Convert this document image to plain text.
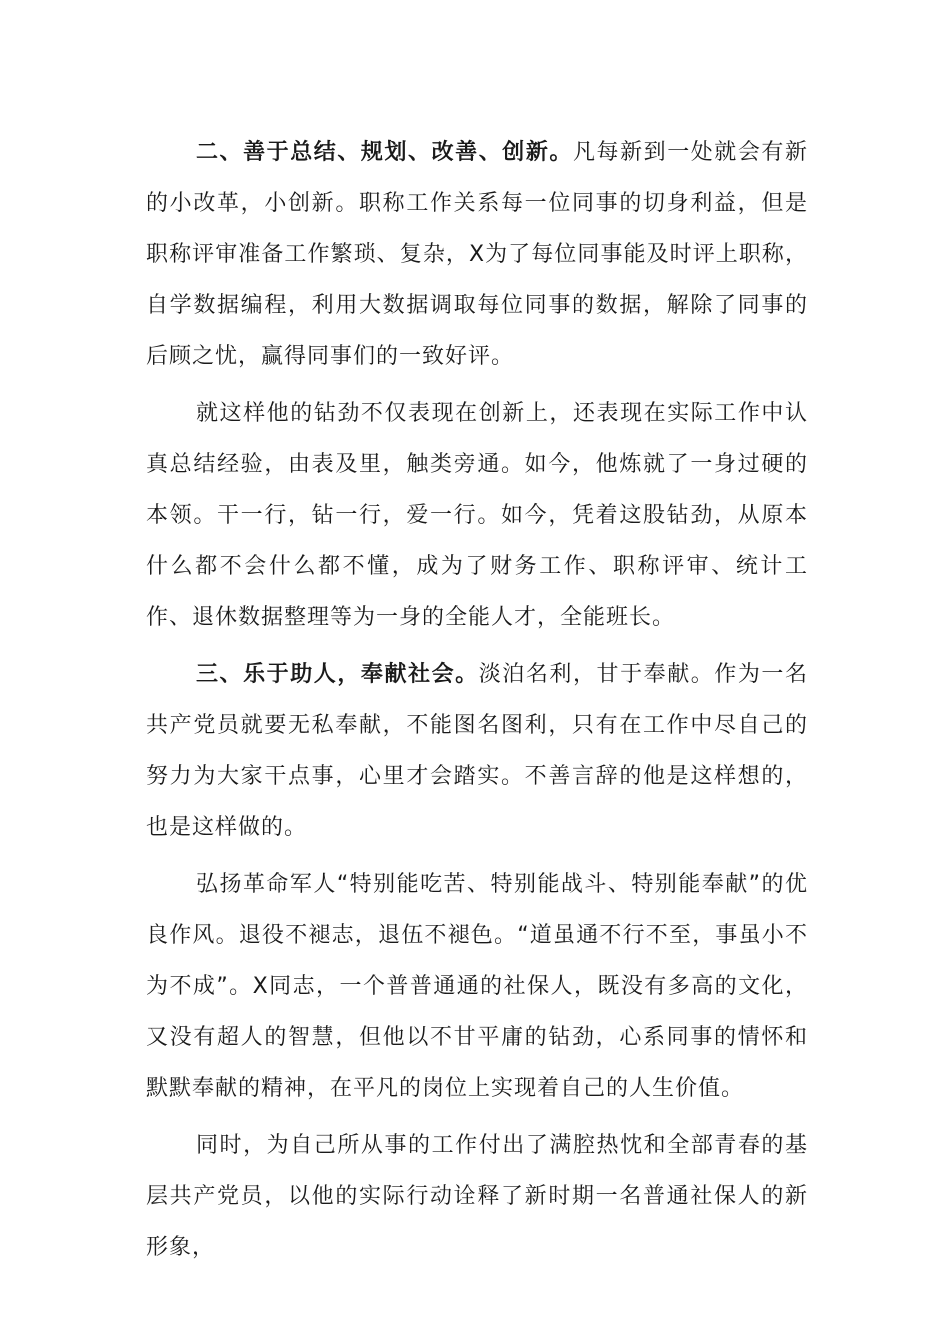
二、善于总结、规划、改善、创新。凡每新到一处就会有新的小改革，小创新。职称工作关系每一位同事的切身利益，但是职称评审准备工作繁琐、复杂，X为了每位同事能及时评上职称，自学数据编程，利用大数据调取每位同事的数据，解除了同事的后顾之忧，赢得同事们的一致好评。

就这样他的钻劲不仅表现在创新上，还表现在实际工作中认真总结经验，由表及里，触类旁通。如今，他炼就了一身过硬的本领。干一行，钻一行，爱一行。如今，凭着这股钻劲，从原本什么都不会什么都不懂，成为了财务工作、职称评审、统计工作、退休数据整理等为一身的全能人才，全能班长。

三、乐于助人，奉献社会。淡泊名利，甘于奉献。作为一名共产党员就要无私奉献，不能图名图利，只有在工作中尽自己的努力为大家干点事，心里才会踏实。不善言辞的他是这样想的，也是这样做的。

弘扬革命军人“特别能吃苦、特别能战斗、特别能奉献”的优良作风。退役不褪志，退伍不褪色。“道虽通不行不至，事虽小不为不成”。X同志，一个普普通通的社保人，既没有多高的文化，又没有超人的智慧，但他以不甘平庸的钻劲，心系同事的情怀和默默奉献的精神，在平凡的岗位上实现着自己的人生价值。

同时，为自己所从事的工作付出了满腔热忱和全部青春的基层共产党员，以他的实际行动诠释了新时期一名普通社保人的新形象，
